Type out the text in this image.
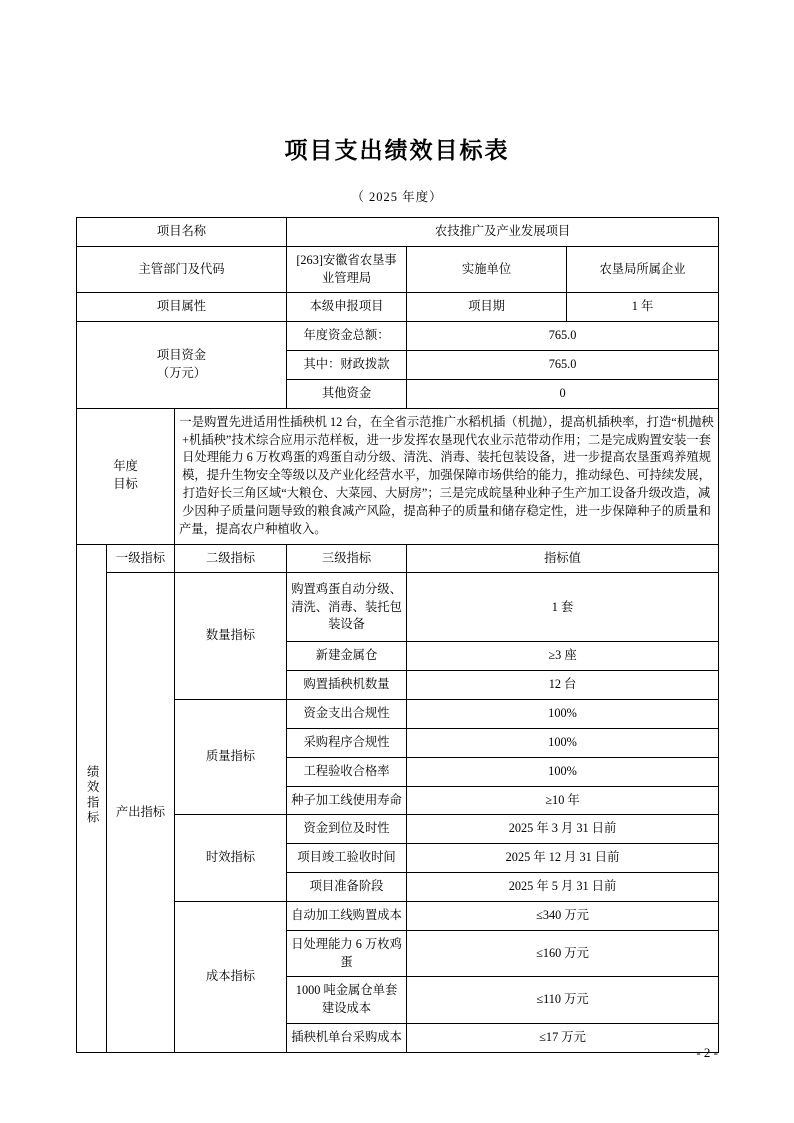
项目支出绩效目标表

（ 2025 年度）

项目名称			农技推广及产业发展项目		
主管部门及代码			[263]安徽省农垦事业管理局	实施单位	农垦局所属企业
项目属性			本级申报项目	项目期	1 年

项目资金
（万元）			年度资金总额：	765.0	
			其中：财政拨款	765.0	
			其他资金	0	

年度
目标		一是购置先进适用性插秧机 12 台，在全省示范推广水稻机插（机抛），提高机插秧率，打造“机抛秧+机插秧”技术综合应用示范样板，进一步发挥农垦现代农业示范带动作用；二是完成购置安装一套日处理能力 6 万枚鸡蛋的鸡蛋自动分级、清洗、消毒、装托包装设备，进一步提高农垦蛋鸡养殖规模，提升生物安全等级以及产业化经营水平，加强保障市场供给的能力，推动绿色、可持续发展，打造好长三角区域“大粮仓、大菜园、大厨房”；三是完成皖垦种业种子生产加工设备升级改造，减少因种子质量问题导致的粮食减产风险，提高种子的质量和储存稳定性，进一步保障种子的质量和产量，提高农户种植收入。			
绩效指标	一级指标	二级指标	三级指标	指标值	
	产出指标	数量指标	购置鸡蛋自动分级、清洗、消毒、装托包装设备	1 套	
			新建金属仓	≥3 座	
			购置插秧机数量	12 台	
		质量指标	资金支出合规性	100%	
			采购程序合规性	100%	
			工程验收合格率	100%	
			种子加工线使用寿命	≥10 年	
		时效指标	资金到位及时性	2025 年 3 月 31 日前	
			项目竣工验收时间	2025 年 12 月 31 日前	
			项目准备阶段	2025 年 5 月 31 日前	
		成本指标	自动加工线购置成本	≤340 万元	
			日处理能力 6 万枚鸡蛋	≤160 万元	
			1000 吨金属仓单套建设成本	≤110 万元	
			插秧机单台采购成本	≤17 万元	
- 2 -
